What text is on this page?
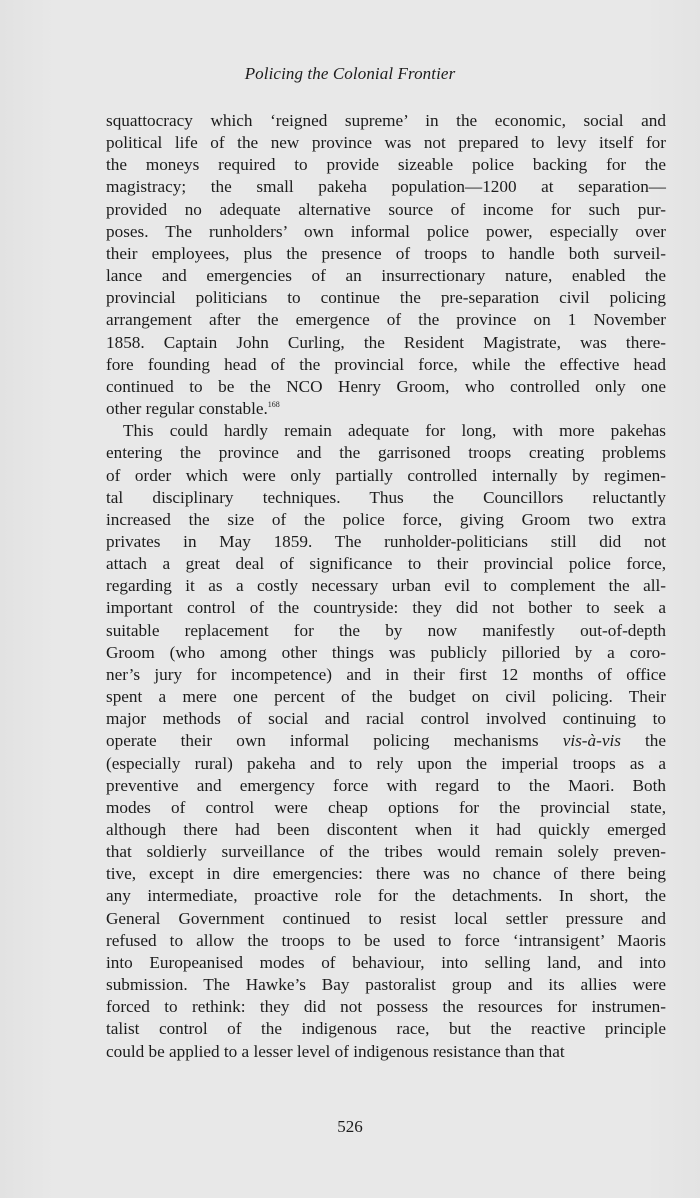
Policing the Colonial Frontier
squattocracy which ‘reigned supreme’ in the economic, social and
political life of the new province was not prepared to levy itself for
the moneys required to provide sizeable police backing for the
magistracy; the small pakeha population—1200 at separation—
provided no adequate alternative source of income for such pur-
poses. The runholders’ own informal police power, especially over
their employees, plus the presence of troops to handle both surveil-
lance and emergencies of an insurrectionary nature, enabled the
provincial politicians to continue the pre-separation civil policing
arrangement after the emergence of the province on 1 November
1858. Captain John Curling, the Resident Magistrate, was there-
fore founding head of the provincial force, while the effective head
continued to be the NCO Henry Groom, who controlled only one
other regular constable.$^{168}$
This could hardly remain adequate for long, with more pakehas
entering the province and the garrisoned troops creating problems
of order which were only partially controlled internally by regimen-
tal disciplinary techniques. Thus the Councillors reluctantly
increased the size of the police force, giving Groom two extra
privates in May 1859. The runholder-politicians still did not
attach a great deal of significance to their provincial police force,
regarding it as a costly necessary urban evil to complement the all-
important control of the countryside: they did not bother to seek a
suitable replacement for the by now manifestly out-of-depth
Groom (who among other things was publicly pilloried by a coro-
ner’s jury for incompetence) and in their first 12 months of office
spent a mere one percent of the budget on civil policing. Their
major methods of social and racial control involved continuing to
operate their own informal policing mechanisms vis-à-vis the
(especially rural) pakeha and to rely upon the imperial troops as a
preventive and emergency force with regard to the Maori. Both
modes of control were cheap options for the provincial state,
although there had been discontent when it had quickly emerged
that soldierly surveillance of the tribes would remain solely preven-
tive, except in dire emergencies: there was no chance of there being
any intermediate, proactive role for the detachments. In short, the
General Government continued to resist local settler pressure and
refused to allow the troops to be used to force ‘intransigent’ Maoris
into Europeanised modes of behaviour, into selling land, and into
submission. The Hawke’s Bay pastoralist group and its allies were
forced to rethink: they did not possess the resources for instrumen-
talist control of the indigenous race, but the reactive principle
could be applied to a lesser level of indigenous resistance than that
526
